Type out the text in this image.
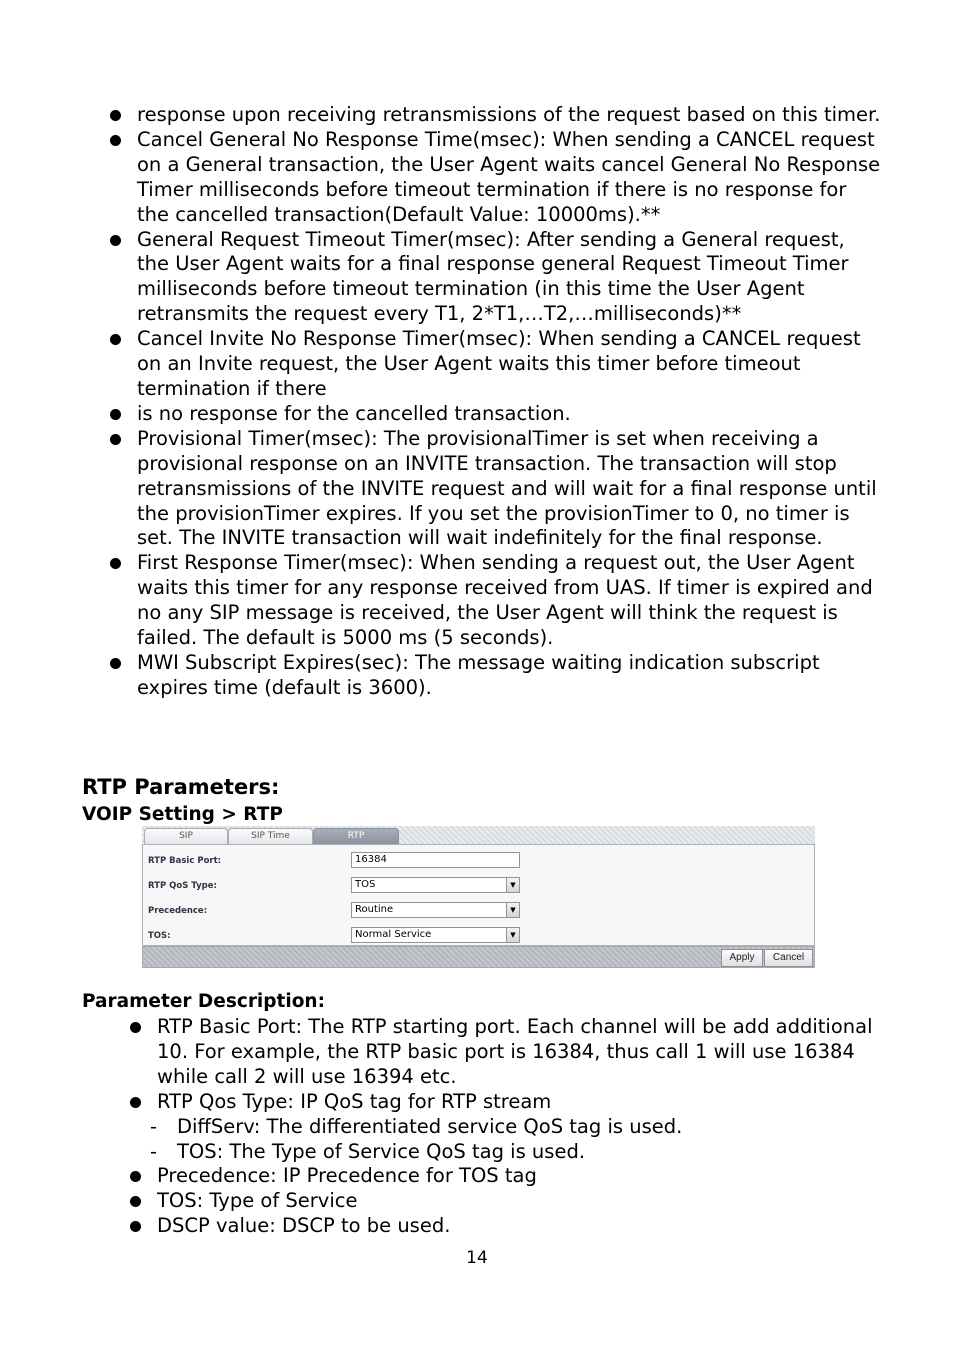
response upon receiving retransmissions of the request based on this timer.
Cancel General No Response Time(msec): When sending a CANCEL request on a General transaction, the User Agent waits cancel General No Response Timer milliseconds before timeout termination if there is no response for the cancelled transaction(Default Value: 10000ms).**
General Request Timeout Timer(msec): After sending a General request, the User Agent waits for a final response general Request Timeout Timer milliseconds before timeout termination (in this time the User Agent retransmits the request every T1, 2*T1,…T2,…milliseconds)**
Cancel Invite No Response Timer(msec): When sending a CANCEL request on an Invite request, the User Agent waits this timer before timeout termination if there
is no response for the cancelled transaction.
Provisional Timer(msec): The provisionalTimer is set when receiving a provisional response on an INVITE transaction. The transaction will stop retransmissions of the INVITE request and will wait for a final response until the provisionTimer expires. If you set the provisionTimer to 0, no timer is set. The INVITE transaction will wait indefinitely for the final response.
First Response Timer(msec): When sending a request out, the User Agent waits this timer for any response received from UAS. If timer is expired and no any SIP message is received, the User Agent will think the request is failed. The default is 5000 ms (5 seconds).
MWI Subscript Expires(sec): The message waiting indication subscript expires time (default is 3600).
RTP Parameters:
VOIP Setting > RTP
SIP	SIP Time	RTP
RTP Basic Port:	16384
RTP QoS Type:	TOS	▼
Precedence:	Routine	▼
TOS:	Normal Service	▼
Apply	Cancel
Parameter Description:
RTP Basic Port: The RTP starting port. Each channel will be add additional 10. For example, the RTP basic port is 16384, thus call 1 will use 16384 while call 2 will use 16394 etc.
RTP Qos Type: IP QoS tag for RTP stream
- DiffServ: The differentiated service QoS tag is used.
- TOS: The Type of Service QoS tag is used.
Precedence: IP Precedence for TOS tag
TOS: Type of Service
DSCP value: DSCP to be used.
14
